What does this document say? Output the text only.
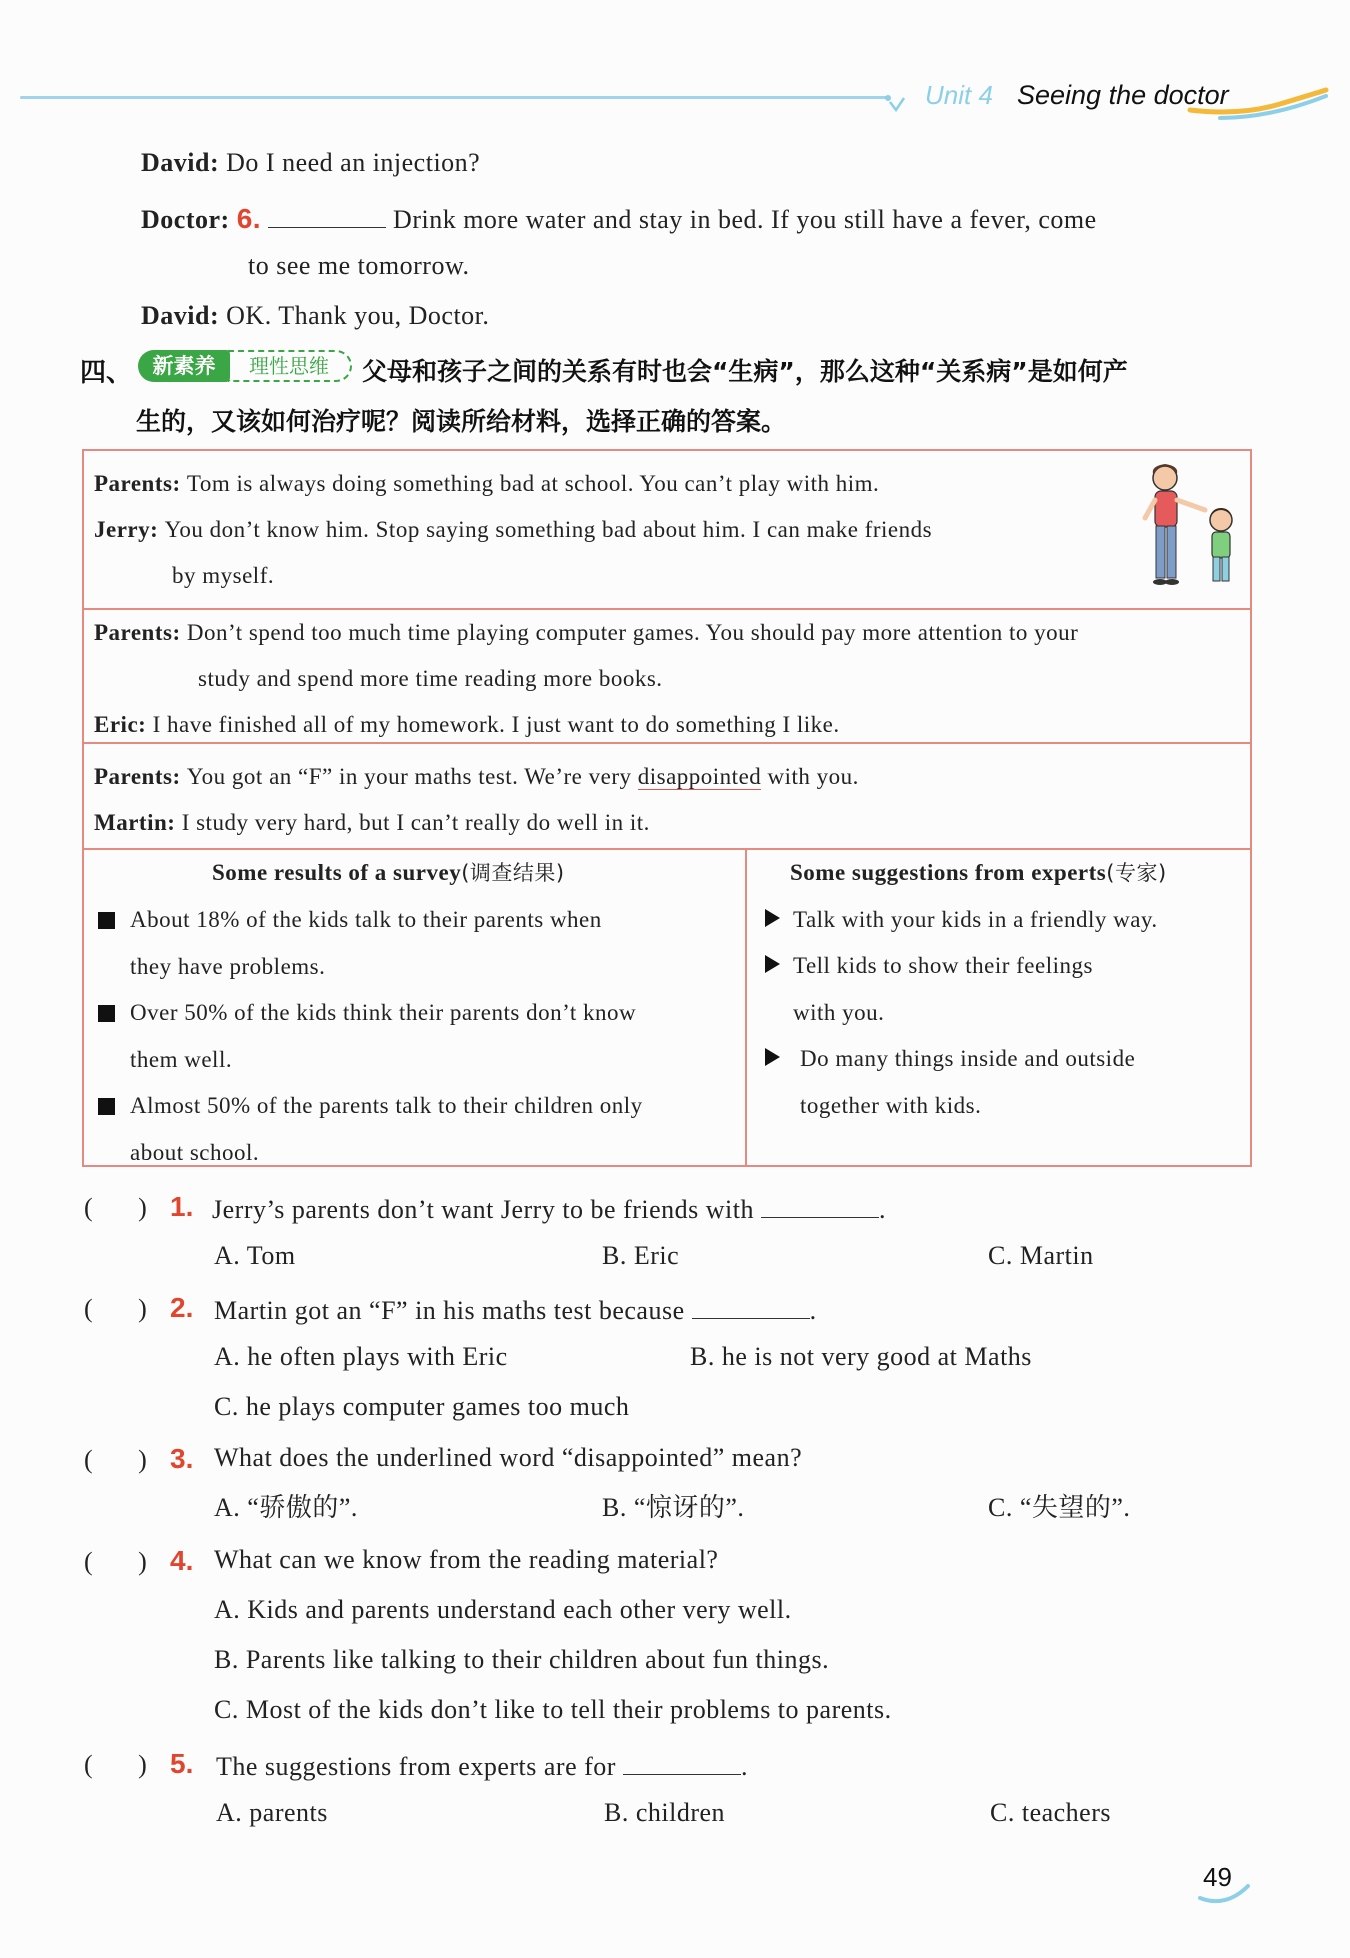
Unit 4 Seeing the doctor
David: Do I need an injection?
Doctor: 6.	Drink more water and stay in bed. If you still have a fever, come
to see me tomorrow.
David: OK. Thank you, Doctor.
四、 新素养	理性思维	父母和孩子之间的关系有时也会“生病”，那么这种“关系病”是如何产
生的，又该如何治疗呢？阅读所给材料，选择正确的答案。
Parents: Tom is always doing something bad at school. You can’t play with him.
Jerry: You don’t know him. Stop saying something bad about him. I can make friends
by myself.
Parents: Don’t spend too much time playing computer games. You should pay more attention to your
study and spend more time reading more books.
Eric: I have finished all of my homework. I just want to do something I like.
Parents: You got an “F” in your maths test. We’re very disappointed with you.
Martin: I study very hard, but I can’t really do well in it.
Some results of a survey(调查结果)
About 18% of the kids talk to their parents when
they have problems.
Over 50% of the kids think their parents don’t know
them well.
Almost 50% of the parents talk to their children only
about school.
Some suggestions from experts(专家)
Talk with your kids in a friendly way.
Tell kids to show their feelings
with you.
Do many things inside and outside
together with kids.
(       ) 1. Jerry’s parents don’t want Jerry to be friends with	.
A. Tom	B. Eric	C. Martin
(       ) 2. Martin got an “F” in his maths test because	.
A. he often plays with Eric	B. he is not very good at Maths
C. he plays computer games too much
(       ) 3. What does the underlined word “disappointed” mean?
A. “骄傲的”.	B. “惊讶的”.	C. “失望的”.
(       ) 4. What can we know from the reading material?
A. Kids and parents understand each other very well.
B. Parents like talking to their children about fun things.
C. Most of the kids don’t like to tell their problems to parents.
(       ) 5. The suggestions from experts are for	.
A. parents	B. children	C. teachers
49
